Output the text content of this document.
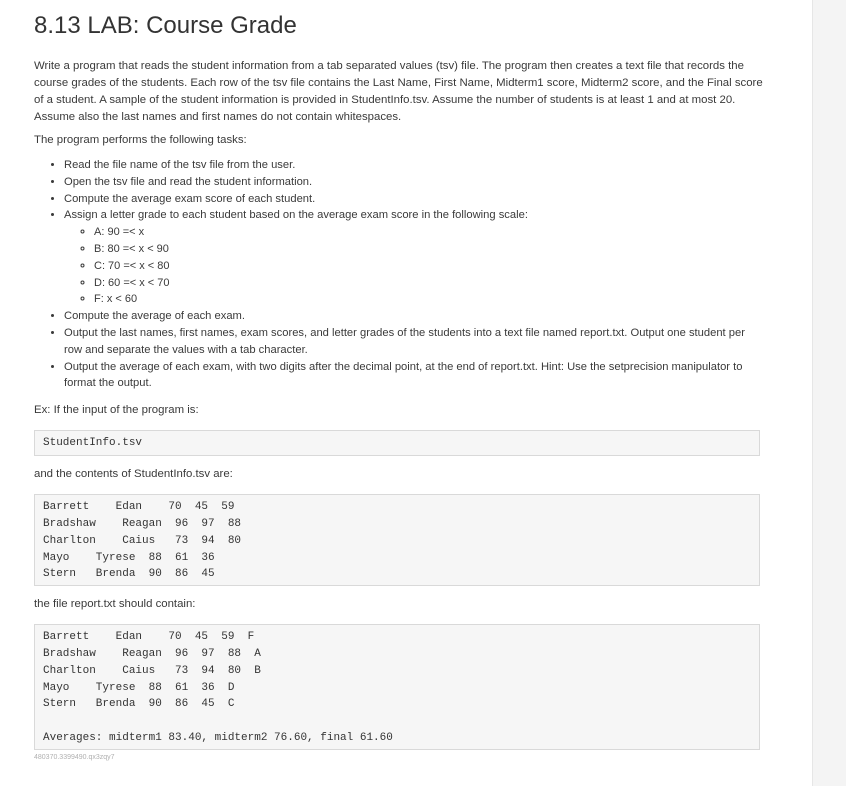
8.13 LAB: Course Grade

Write a program that reads the student information from a tab separated values (tsv) file. The program then creates a text file that records the course grades of the students. Each row of the tsv file contains the Last Name, First Name, Midterm1 score, Midterm2 score, and the Final score of a student. A sample of the student information is provided in StudentInfo.tsv. Assume the number of students is at least 1 and at most 20. Assume also the last names and first names do not contain whitespaces.

The program performs the following tasks:

• Read the file name of the tsv file from the user.
• Open the tsv file and read the student information.
• Compute the average exam score of each student.
• Assign a letter grade to each student based on the average exam score in the following scale:
◦ A: 90 =< x
◦ B: 80 =< x < 90
◦ C: 70 =< x < 80
◦ D: 60 =< x < 70
◦ F: x < 60
• Compute the average of each exam.
• Output the last names, first names, exam scores, and letter grades of the students into a text file named report.txt. Output one student per row and separate the values with a tab character.
• Output the average of each exam, with two digits after the decimal point, at the end of report.txt. Hint: Use the setprecision manipulator to format the output.

Ex: If the input of the program is:

StudentInfo.tsv

and the contents of StudentInfo.tsv are:

Barrett    Edan    70  45  59
Bradshaw    Reagan  96  97  88
Charlton    Caius   73  94  80
Mayo    Tyrese  88  61  36
Stern   Brenda  90  86  45

the file report.txt should contain:

Barrett    Edan    70  45  59  F
Bradshaw    Reagan  96  97  88  A
Charlton    Caius   73  94  80  B
Mayo    Tyrese  88  61  36  D
Stern   Brenda  90  86  45  C

Averages: midterm1 83.40, midterm2 76.60, final 61.60
480370.3399490.qx3zqy7
